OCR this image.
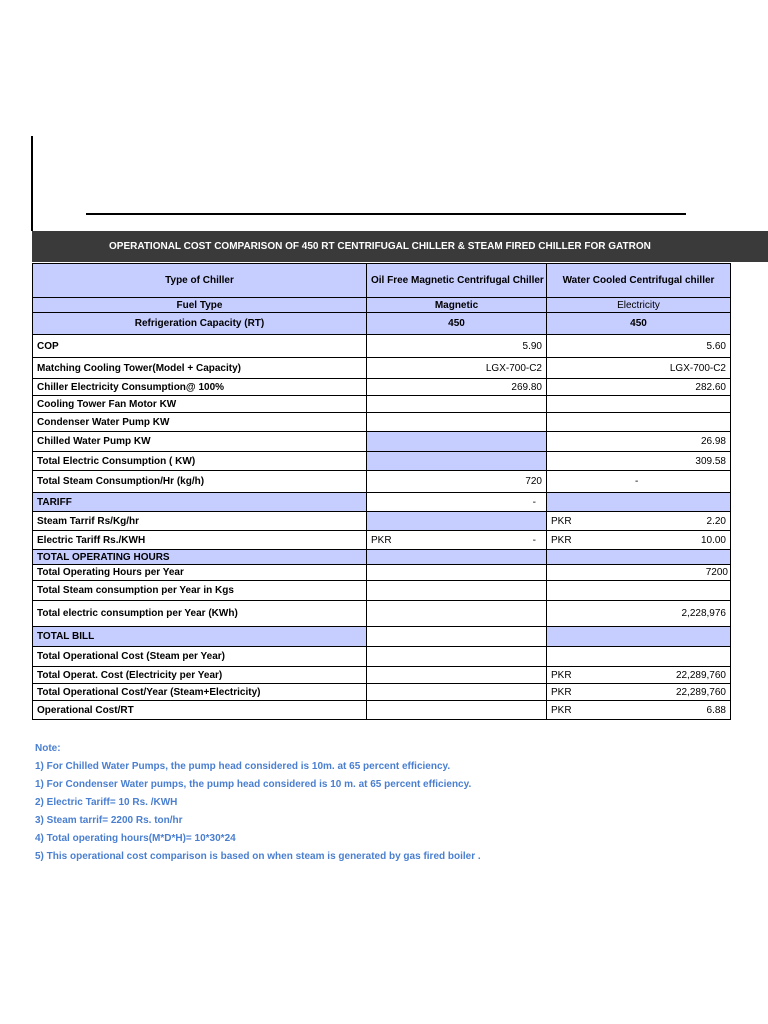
OPERATIONAL COST COMPARISON OF 450 RT CENTRIFUGAL CHILLER & STEAM FIRED CHILLER FOR GATRON
Type of Chiller	Oil Free Magnetic Centrifugal Chiller	Water Cooled Centrifugal chiller
Fuel Type	Magnetic	Electricity
Refrigeration Capacity (RT)	450	450
COP	5.90	5.60
Matching Cooling Tower(Model + Capacity)	LGX-700-C2	LGX-700-C2
Chiller Electricity Consumption@ 100%	269.80	282.60
Cooling Tower Fan Motor KW		
Condenser Water Pump KW		
Chilled Water Pump KW		26.98
Total Electric Consumption ( KW)		309.58
Total Steam Consumption/Hr (kg/h)	720	-
TARIFF	-	
Steam Tarrif Rs/Kg/hr		PKR 2.20

Electric Tariff Rs./KWH	PKR -	PKR 10.00

TOTAL OPERATING HOURS		
Total Operating Hours per Year		7200
Total Steam consumption per Year in Kgs		
Total electric consumption per Year (KWh)		2,228,976
TOTAL BILL		
Total Operational Cost (Steam per Year)		
Total Operat. Cost (Electricity per Year)		PKR 22,289,760

Total Operational Cost/Year (Steam+Electricity)		PKR 22,289,760

Operational Cost/RT		PKR 6.88
Note:
1) For Chilled Water Pumps, the pump head considered is 10m. at 65 percent efficiency.
1) For Condenser Water pumps, the pump head considered is 10 m. at 65 percent efficiency.
2) Electric Tariff= 10 Rs. /KWH
3) Steam tarrif= 2200 Rs. ton/hr
4) Total operating hours(M*D*H)= 10*30*24
5) This operational cost comparison is based on when steam is generated by gas fired boiler .
